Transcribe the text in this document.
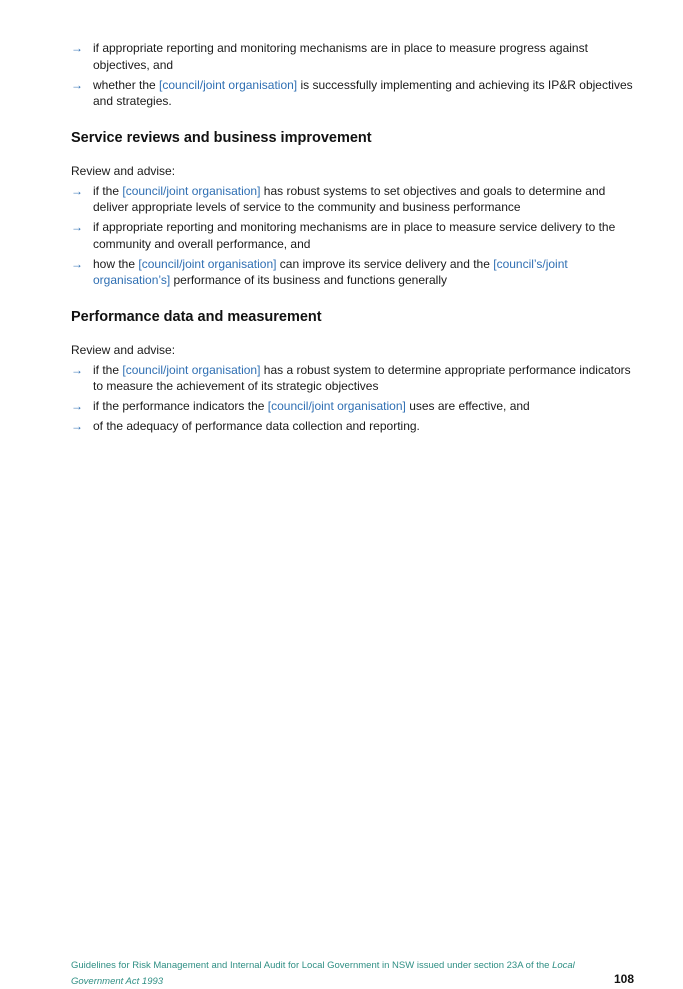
→ if appropriate reporting and monitoring mechanisms are in place to measure progress against objectives, and
→ whether the [council/joint organisation] is successfully implementing and achieving its IP&R objectives and strategies.
Service reviews and business improvement

Review and advise:

→ if the [council/joint organisation] has robust systems to set objectives and goals to determine and deliver appropriate levels of service to the community and business performance
→ if appropriate reporting and monitoring mechanisms are in place to measure service delivery to the community and overall performance, and
→ how the [council/joint organisation] can improve its service delivery and the [council’s/joint organisation’s] performance of its business and functions generally
Performance data and measurement

Review and advise:

→ if the [council/joint organisation] has a robust system to determine appropriate performance indicators to measure the achievement of its strategic objectives
→ if the performance indicators the [council/joint organisation] uses are effective, and
→ of the adequacy of performance data collection and reporting.
Guidelines for Risk Management and Internal Audit for Local Government in NSW issued under section 23A of the Local Government Act 1993	108
